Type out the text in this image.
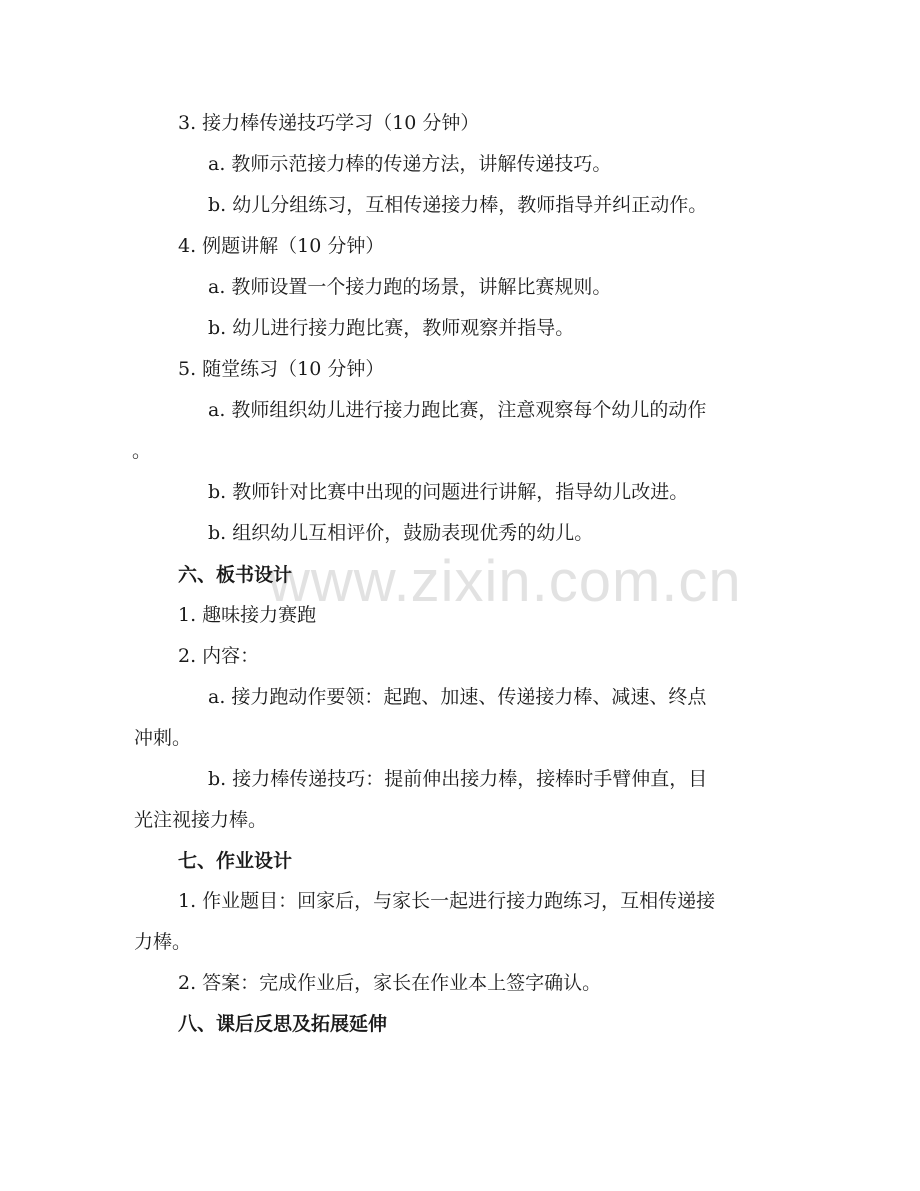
www.zixin.com.cn
3. 接力棒传递技巧学习（10 分钟）
a. 教师示范接力棒的传递方法，讲解传递技巧。
b. 幼儿分组练习，互相传递接力棒，教师指导并纠正动作。
4. 例题讲解（10 分钟）
a. 教师设置一个接力跑的场景，讲解比赛规则。
b. 幼儿进行接力跑比赛，教师观察并指导。
5. 随堂练习（10 分钟）
a. 教师组织幼儿进行接力跑比赛，注意观察每个幼儿的动作
。
b. 教师针对比赛中出现的问题进行讲解，指导幼儿改进。
b. 组织幼儿互相评价，鼓励表现优秀的幼儿。
六、板书设计
1. 趣味接力赛跑
2. 内容：
a. 接力跑动作要领：起跑、加速、传递接力棒、减速、终点
冲刺。
b. 接力棒传递技巧：提前伸出接力棒，接棒时手臂伸直，目
光注视接力棒。
七、作业设计
1. 作业题目：回家后，与家长一起进行接力跑练习，互相传递接
力棒。
2. 答案：完成作业后，家长在作业本上签字确认。
八、课后反思及拓展延伸
